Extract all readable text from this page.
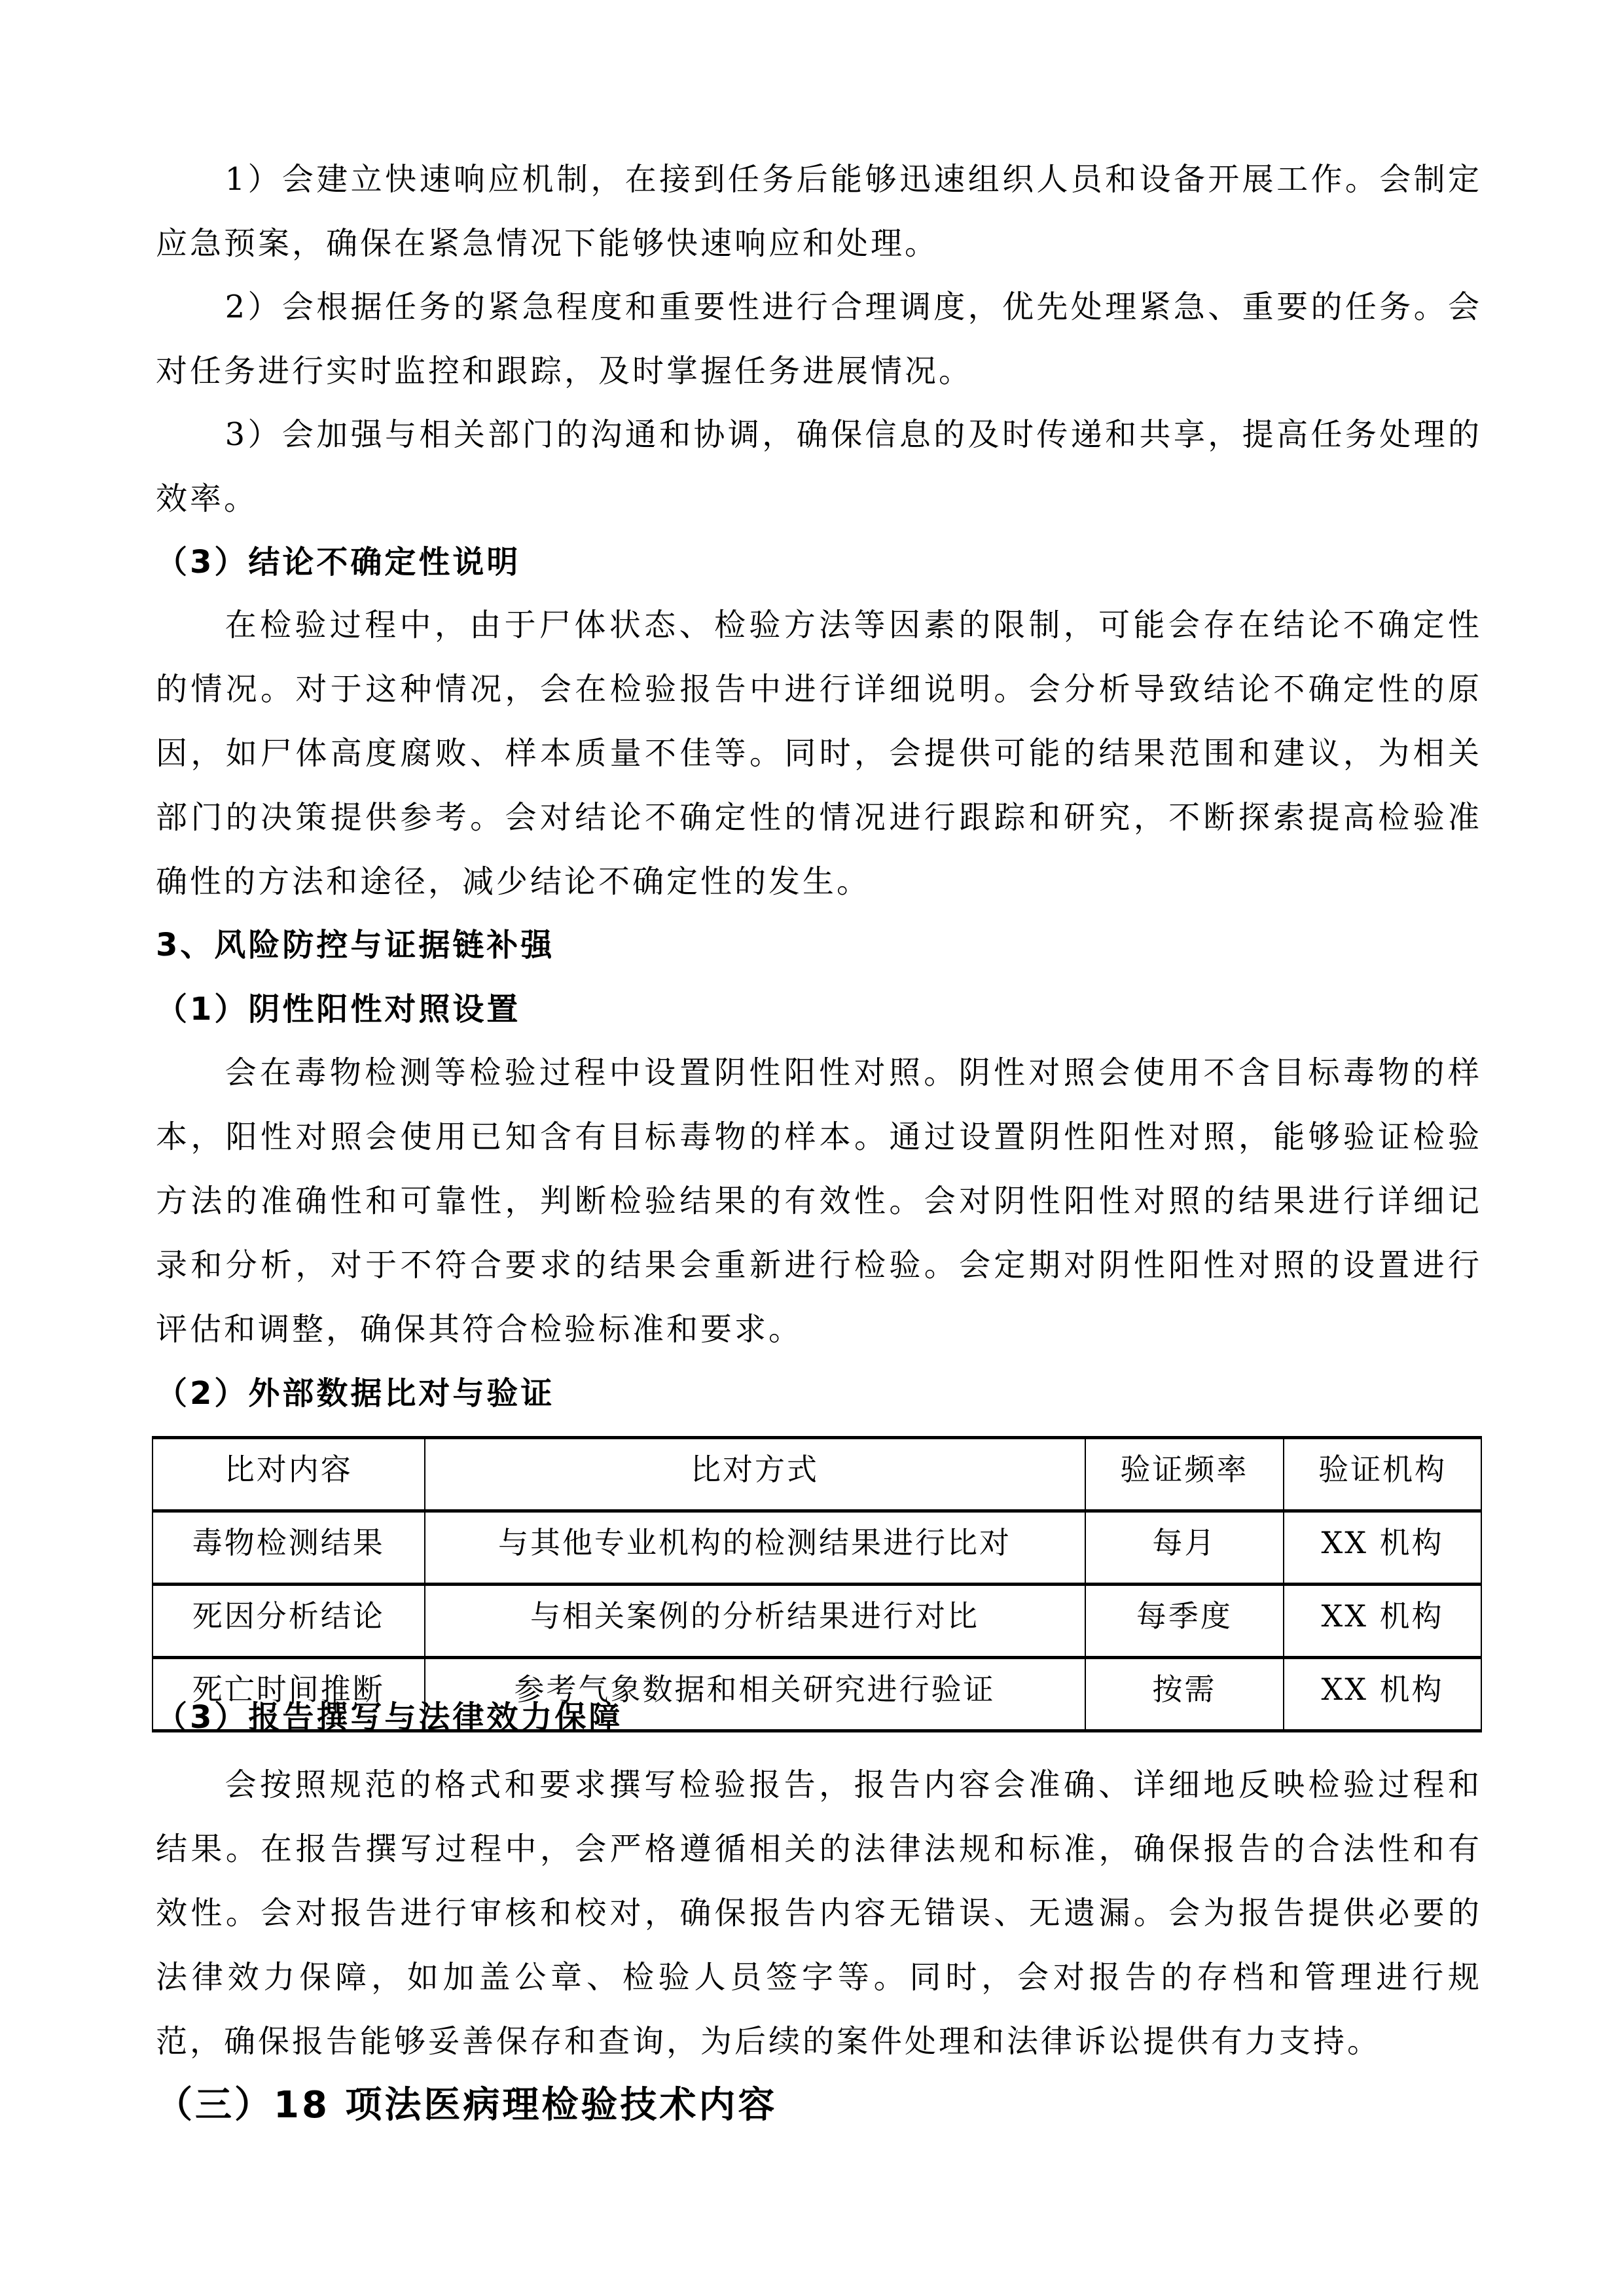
1）会建立快速响应机制，在接到任务后能够迅速组织人员和设备开展工作。会制定应急预案，确保在紧急情况下能够快速响应和处理。

2）会根据任务的紧急程度和重要性进行合理调度，优先处理紧急、重要的任务。会对任务进行实时监控和跟踪，及时掌握任务进展情况。

3）会加强与相关部门的沟通和协调，确保信息的及时传递和共享，提高任务处理的效率。

（3）结论不确定性说明

在检验过程中，由于尸体状态、检验方法等因素的限制，可能会存在结论不确定性的情况。对于这种情况，会在检验报告中进行详细说明。会分析导致结论不确定性的原因，如尸体高度腐败、样本质量不佳等。同时，会提供可能的结果范围和建议，为相关部门的决策提供参考。会对结论不确定性的情况进行跟踪和研究，不断探索提高检验准确性的方法和途径，减少结论不确定性的发生。

3、风险防控与证据链补强

（1）阴性阳性对照设置

会在毒物检测等检验过程中设置阴性阳性对照。阴性对照会使用不含目标毒物的样本，阳性对照会使用已知含有目标毒物的样本。通过设置阴性阳性对照，能够验证检验方法的准确性和可靠性，判断检验结果的有效性。会对阴性阳性对照的结果进行详细记录和分析，对于不符合要求的结果会重新进行检验。会定期对阴性阳性对照的设置进行评估和调整，确保其符合检验标准和要求。

（2）外部数据比对与验证

比对内容	比对方式	验证频率	验证机构
毒物检测结果	与其他专业机构的检测结果进行比对	每月	XX 机构
死因分析结论	与相关案例的分析结果进行对比	每季度	XX 机构
死亡时间推断	参考气象数据和相关研究进行验证	按需	XX 机构

（3）报告撰写与法律效力保障

会按照规范的格式和要求撰写检验报告，报告内容会准确、详细地反映检验过程和结果。在报告撰写过程中，会严格遵循相关的法律法规和标准，确保报告的合法性和有效性。会对报告进行审核和校对，确保报告内容无错误、无遗漏。会为报告提供必要的法律效力保障，如加盖公章、检验人员签字等。同时，会对报告的存档和管理进行规范，确保报告能够妥善保存和查询，为后续的案件处理和法律诉讼提供有力支持。

（三）18 项法医病理检验技术内容
